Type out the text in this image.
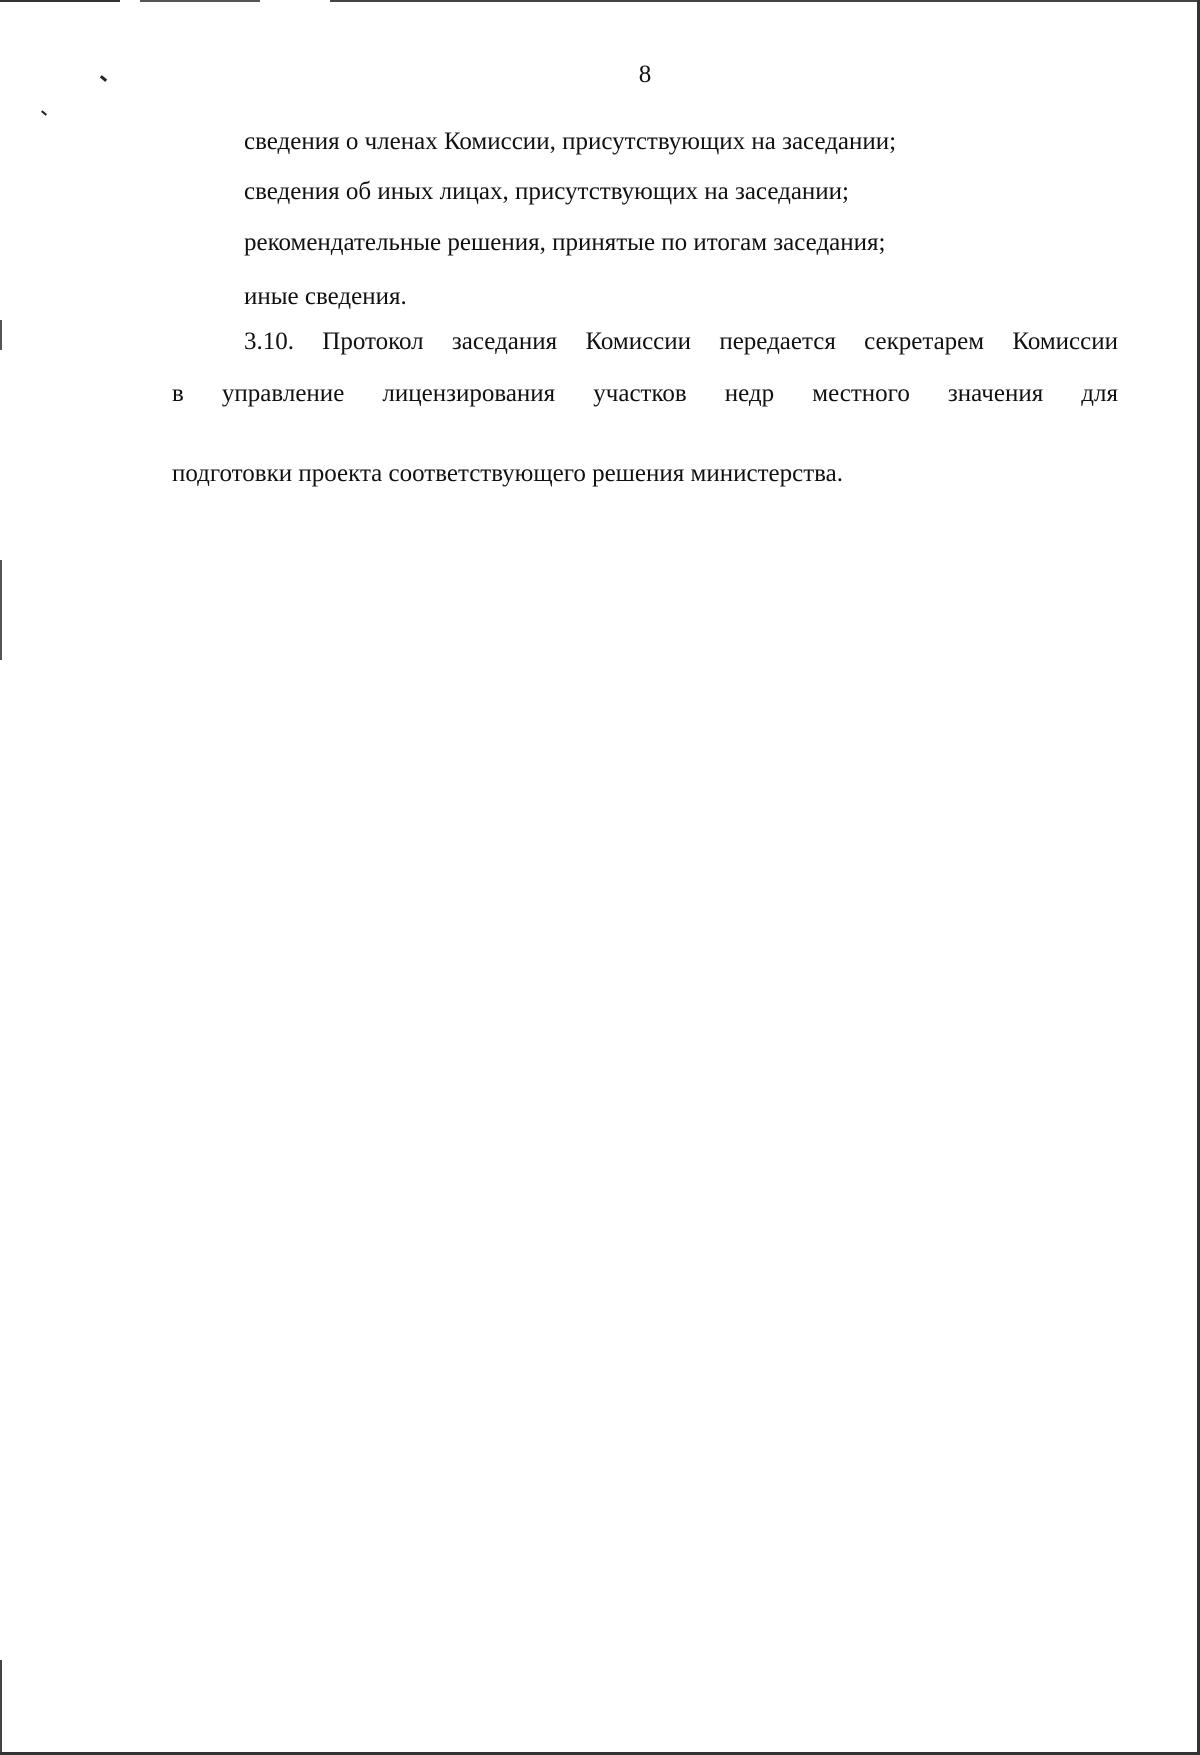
8
сведения о членах Комиссии, присутствующих на заседании;
сведения об иных лицах, присутствующих на заседании;
рекомендательные решения, принятые по итогам заседания;
иные сведения.
3.10. Протокол заседания Комиссии передается секретарем Комиссии
в управление лицензирования участков недр местного значения для
подготовки проекта соответствующего решения министерства.
